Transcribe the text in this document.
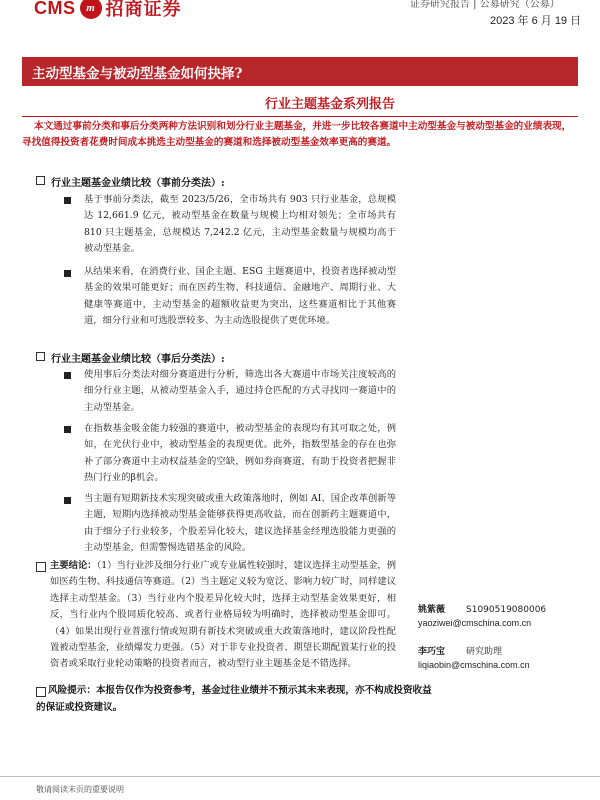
CMS m 招商证券	证券研究报告 | 公募研究（公募）
2023 年 6 月 19 日
主动型基金与被动型基金如何抉择?
行业主题基金系列报告
本文通过事前分类和事后分类两种方法识别和划分行业主题基金，并进一步比较各赛道中主动型基金与被动型基金的业绩表现，寻找值得投资者花费时间成本挑选主动型基金的赛道和选择被动型基金效率更高的赛道。
行业主题基金业绩比较（事前分类法）:
基于事前分类法，截至 2023/5/26，全市场共有 903 只行业基金，总规模达 12,661.9 亿元，被动型基金在数量与规模上均相对领先；全市场共有 810 只主题基金，总规模达 7,242.2 亿元，主动型基金数量与规模均高于被动型基金。
从结果来看，在消费行业、国企主题、ESG 主题赛道中，投资者选择被动型基金的效果可能更好；而在医药生物、科技通信、金融地产、周期行业、大健康等赛道中，主动型基金的超额收益更为突出，这些赛道相比于其他赛道，细分行业和可选股票较多、为主动选股提供了更优环境。
行业主题基金业绩比较（事后分类法）:
使用事后分类法对细分赛道进行分析，筛选出各大赛道中市场关注度较高的细分行业主题，从被动型基金入手，通过持仓匹配的方式寻找同一赛道中的主动型基金。
在指数基金吸金能力较强的赛道中，被动型基金的表现均有其可取之处，例如，在光伏行业中，被动型基金的表现更优。此外，指数型基金的存在也弥补了部分赛道中主动权益基金的空缺，例如券商赛道，有助于投资者把握非热门行业的β机会。
当主题有短期新技术实现突破或重大政策落地时，例如 AI、国企改革创新等主题，短期内选择被动型基金能够获得更高收益，而在创新药主题赛道中，由于细分子行业较多，个股差异化较大，建议选择基金经理选股能力更强的主动型基金，但需警惕选错基金的风险。
主要结论：（1）当行业涉及细分行业广或专业属性较强时，建议选择主动型基金，例如医药生物、科技通信等赛道。（2）当主题定义较为宽泛、影响力较广时，同样建议选择主动型基金。（3）当行业内个股差异化较大时，选择主动型基金效果更好，相反，当行业内个股同质化较高、或者行业格局较为明确时，选择被动型基金即可。（4）如果出现行业普涨行情或短期有新技术突破或重大政策落地时，建议阶段性配置被动型基金，业绩爆发力更强。（5）对于非专业投资者、期望长期配置某行业的投资者或采取行业轮动策略的投资者而言，被动型行业主题基金是不错选择。
风险提示：本报告仅作为投资参考，基金过往业绩并不预示其未来表现，亦不构成投资收益的保证或投资建议。
姚紫薇 S1090519080006
yaoziwei@cmschina.com.cn
李巧宝 研究助理
liqiaobin@cmschina.com.cn
敬请阅读末页的重要说明
